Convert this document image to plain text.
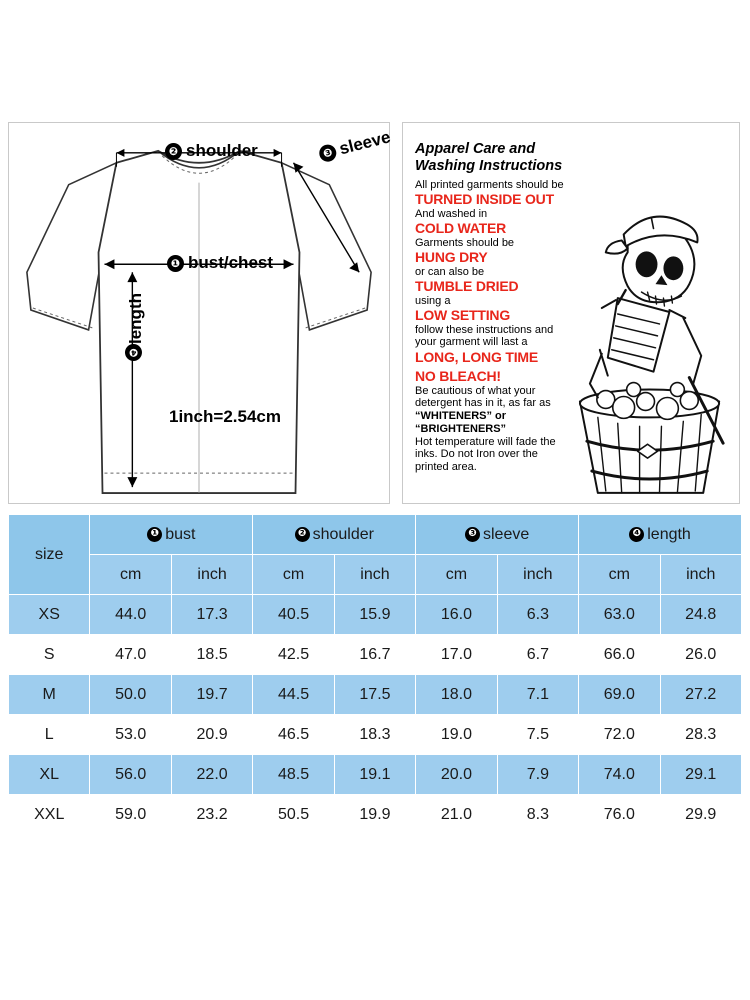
❷ shoulder	❸ sleeve
❶ bust/chest
❹length
1inch=2.54cm
Apparel Care and
Washing Instructions
All printed garments should be
TURNED INSIDE OUT
And washed in
COLD WATER
Garments should be
HUNG DRY
or can also be
TUMBLE DRIED
using a
LOW SETTING
follow these instructions and
your garment will last a
LONG, LONG TIME
NO BLEACH!
Be cautious of what your
detergent has in it, as far as
“WHITENERS” or
“BRIGHTENERS”
Hot temperature will fade the
inks. Do not Iron over the
printed area.
size	❶ bust		❷ shoulder		❸ sleeve		❹ length	
	cm	inch	cm	inch	cm	inch	cm	inch
XS	44.0	17.3	40.5	15.9	16.0	6.3	63.0	24.8
S	47.0	18.5	42.5	16.7	17.0	6.7	66.0	26.0
M	50.0	19.7	44.5	17.5	18.0	7.1	69.0	27.2
L	53.0	20.9	46.5	18.3	19.0	7.5	72.0	28.3
XL	56.0	22.0	48.5	19.1	20.0	7.9	74.0	29.1
XXL	59.0	23.2	50.5	19.9	21.0	8.3	76.0	29.9
